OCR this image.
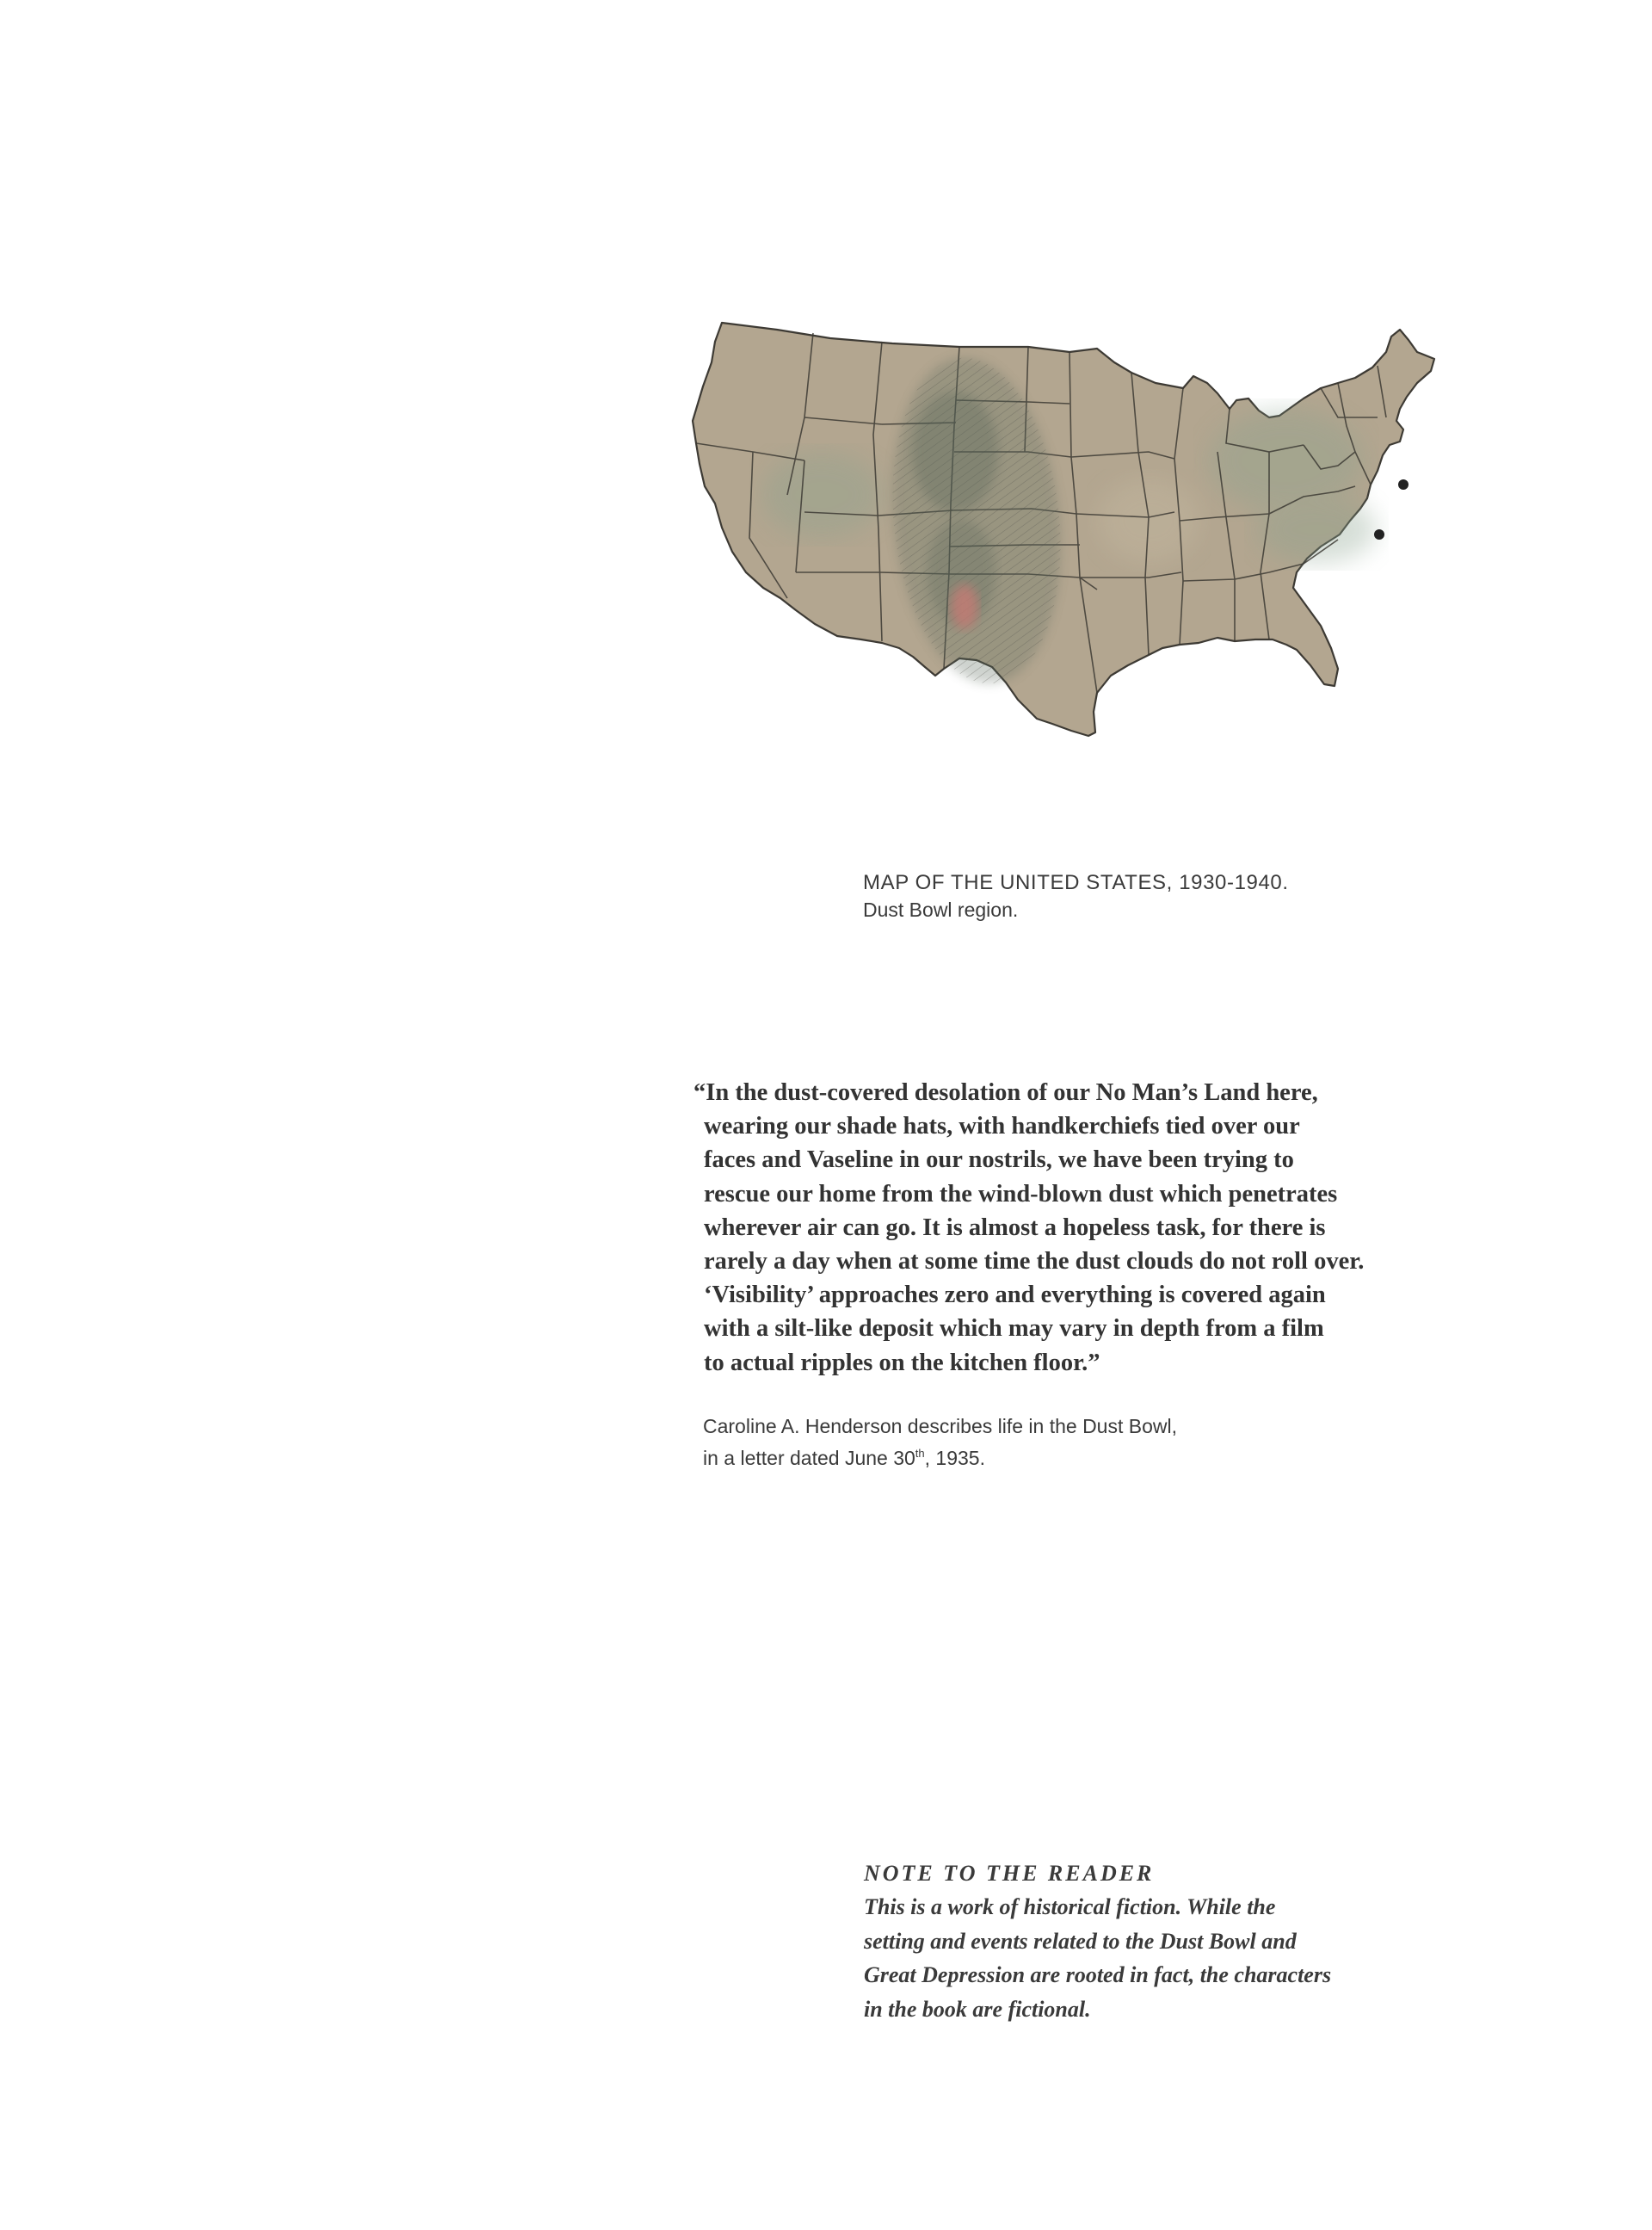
MAP OF THE UNITED STATES, 1930-1940.
Dust Bowl region.
“In the dust-covered desolation of our No Man’s Land here,
wearing our shade hats, with handkerchiefs tied over our
faces and Vaseline in our nostrils, we have been trying to
rescue our home from the wind-blown dust which penetrates
wherever air can go. It is almost a hopeless task, for there is
rarely a day when at some time the dust clouds do not roll over.
‘Visibility’ approaches zero and everything is covered again
with a silt-like deposit which may vary in depth from a film
to actual ripples on the kitchen floor.”
Caroline A. Henderson describes life in the Dust Bowl,
in a letter dated June 30th, 1935.
NOTE TO THE READER
This is a work of historical fiction. While the
setting and events related to the Dust Bowl and
Great Depression are rooted in fact, the characters
in the book are fictional.
